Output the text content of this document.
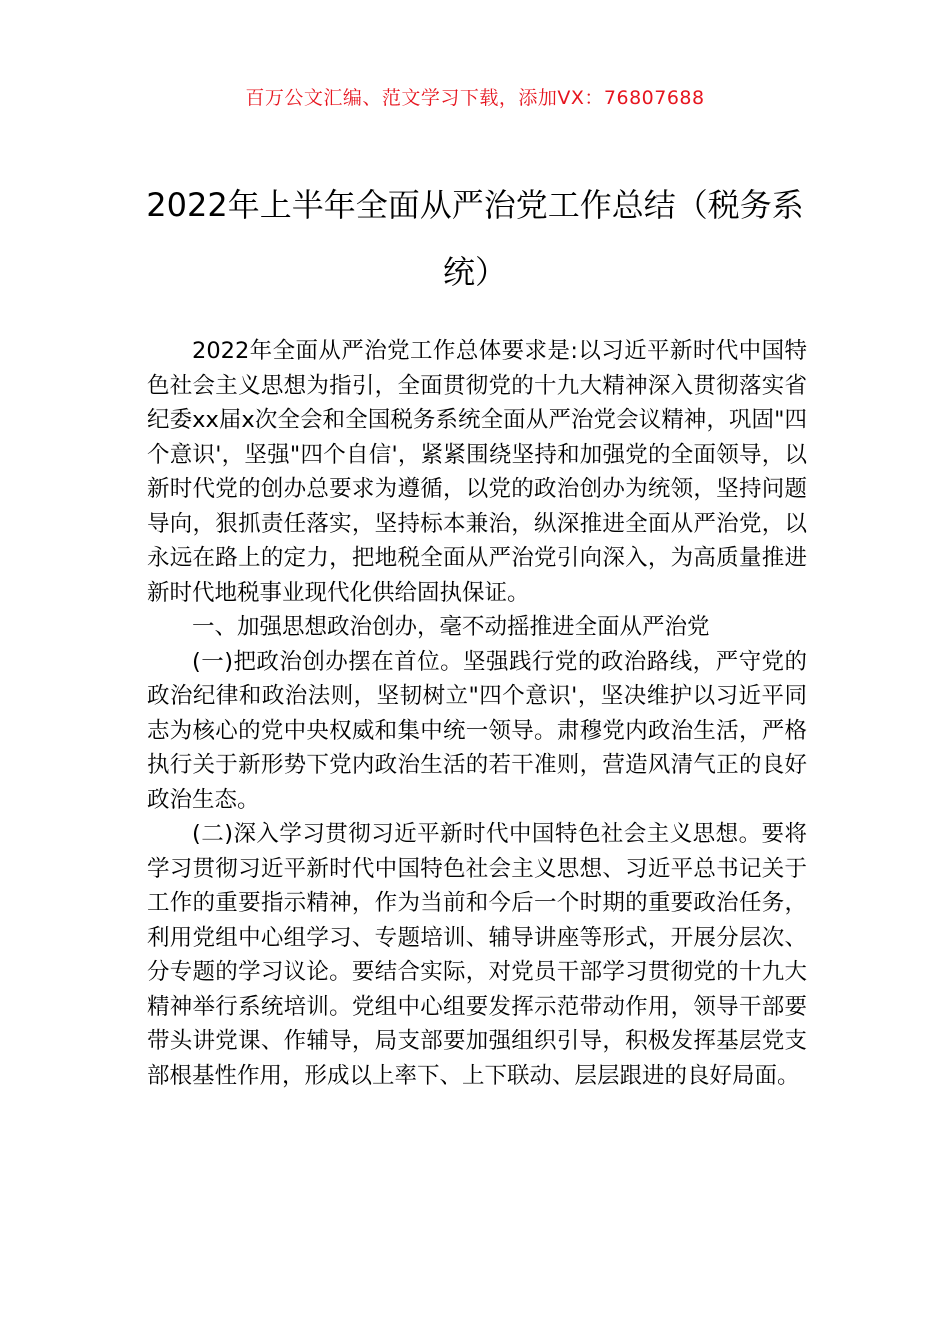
百万公文汇编、范文学习下载，添加VX：76807688
2022年上半年全面从严治党工作总结（税务系统）

2022年全面从严治党工作总体要求是:以习近平新时代中国特色社会主义思想为指引，全面贯彻党的十九大精神深入贯彻落实省纪委xx届x次全会和全国税务系统全面从严治党会议精神，巩固"四个意识'，坚强"四个自信'，紧紧围绕坚持和加强党的全面领导，以新时代党的创办总要求为遵循，以党的政治创办为统领，坚持问题导向，狠抓责任落实，坚持标本兼治，纵深推进全面从严治党，以永远在路上的定力，把地税全面从严治党引向深入，为高质量推进新时代地税事业现代化供给固执保证。

一、加强思想政治创办，毫不动摇推进全面从严治党

(一)把政治创办摆在首位。坚强践行党的政治路线，严守党的政治纪律和政治法则，坚韧树立"四个意识'，坚决维护以习近平同志为核心的党中央权威和集中统一领导。肃穆党内政治生活，严格执行关于新形势下党内政治生活的若干准则，营造风清气正的良好政治生态。

(二)深入学习贯彻习近平新时代中国特色社会主义思想。要将学习贯彻习近平新时代中国特色社会主义思想、习近平总书记关于工作的重要指示精神，作为当前和今后一个时期的重要政治任务，利用党组中心组学习、专题培训、辅导讲座等形式，开展分层次、分专题的学习议论。要结合实际，对党员干部学习贯彻党的十九大精神举行系统培训。党组中心组要发挥示范带动作用，领导干部要带头讲党课、作辅导，局支部要加强组织引导，积极发挥基层党支部根基性作用，形成以上率下、上下联动、层层跟进的良好局面。
